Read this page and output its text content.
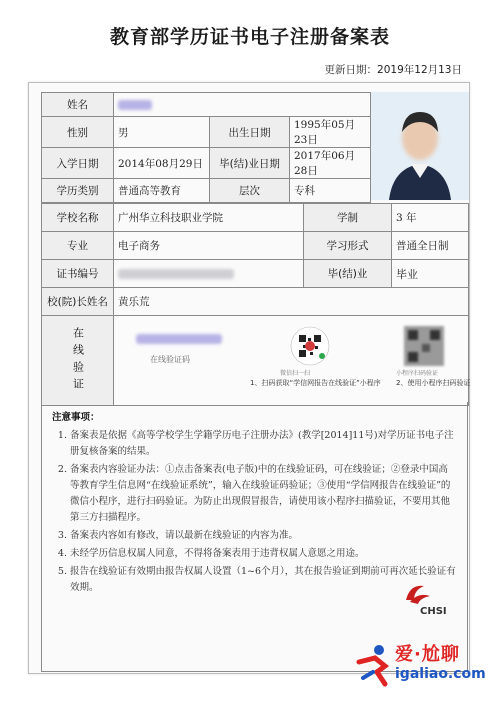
教育部学历证书电子注册备案表
更新日期：2019年12月13日
姓名			
性别	男	出生日期	1995年05月23日
入学日期	2014年08月29日	毕(结)业日期	2017年06月28日
学历类别	普通高等教育	层次	专科
学校名称	广州华立科技职业学院	学制	3 年
专业	电子商务	学习形式	普通全日制
证书编号		毕(结)业	毕业
校(院)长姓名	黄乐荒		

在线验证	在线验证码
微信扫一扫 小程序扫码验证
1、扫码获取“学信网报告在线验证”小程序 2、使用小程序扫码验证		
注意事项：
1. 备案表是依据《高等学校学生学籍学历电子注册办法》(教学[2014]11号)对学历证书电子注册复核备案的结果。
2. 备案表内容验证办法：①点击备案表(电子版)中的在线验证码，可在线验证；②登录中国高等教育学生信息网“在线验证系统”，输入在线验证码验证；③使用“学信网报告在线验证”的微信小程序，进行扫码验证。为防止出现假冒报告，请使用该小程序扫描验证，不要用其他第三方扫描程序。
3. 备案表内容如有修改，请以最新在线验证的内容为准。
4. 未经学历信息权属人同意，不得将备案表用于违背权属人意愿之用途。
5. 报告在线验证有效期由报告权属人设置（1~6个月），其在报告验证到期前可再次延长验证有效期。
CHSI
爱·尬聊
igaliao.com
